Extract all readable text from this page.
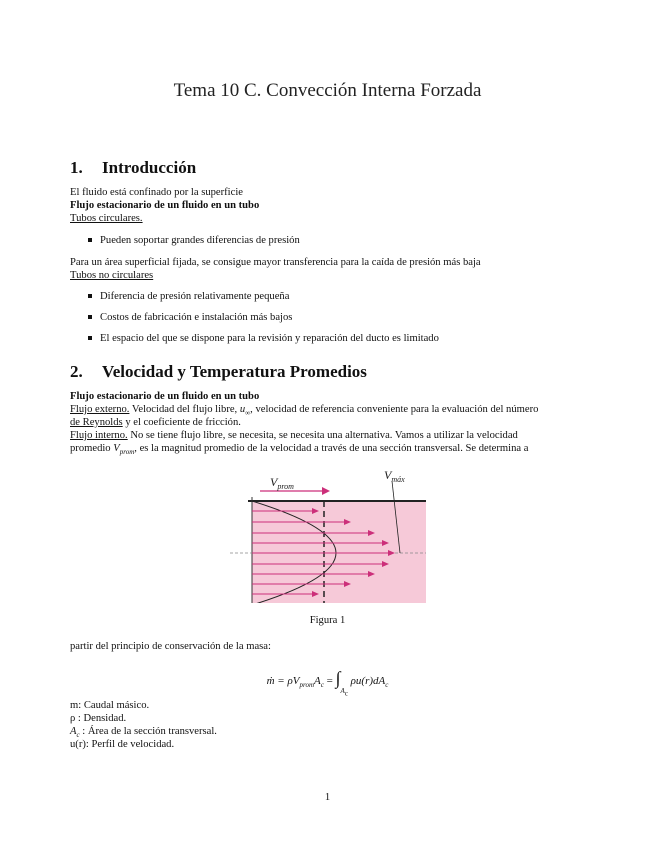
Tema 10 C. Convección Interna Forzada
1. Introducción
El fluido está confinado por la superficie
Flujo estacionario de un fluido en un tubo
Tubos circulares.
Pueden soportar grandes diferencias de presión
Para un área superficial fijada, se consigue mayor transferencia para la caída de presión más baja
Tubos no circulares
Diferencia de presión relativamente pequeña
Costos de fabricación e instalación más bajos
El espacio del que se dispone para la revisión y reparación del ducto es limitado
2. Velocidad y Temperatura Promedios
Flujo estacionario de un fluido en un tubo
Flujo externo. Velocidad del flujo libre, $u_\infty$, velocidad de referencia conveniente para la evaluación del número
de Reynolds y el coeficiente de fricción.
Flujo interno. No se tiene flujo libre, se necesita, se necesita una alternativa. Vamos a utilizar la velocidad
promedio $V_{prom}$, es la magnitud promedio de la velocidad a través de una sección transversal. Se determina a
$V_{prom}$
$V_{máx}$
Figura 1
partir del principio de conservación de la masa:
ṁ = $\rho V_{prom}A_c = \int_{A_c}$ $\rho u(r)dA_c$
m: Caudal másico.
ρ : Densidad.
$A_c$ : Área de la sección transversal.
u(r): Perfil de velocidad.
1
